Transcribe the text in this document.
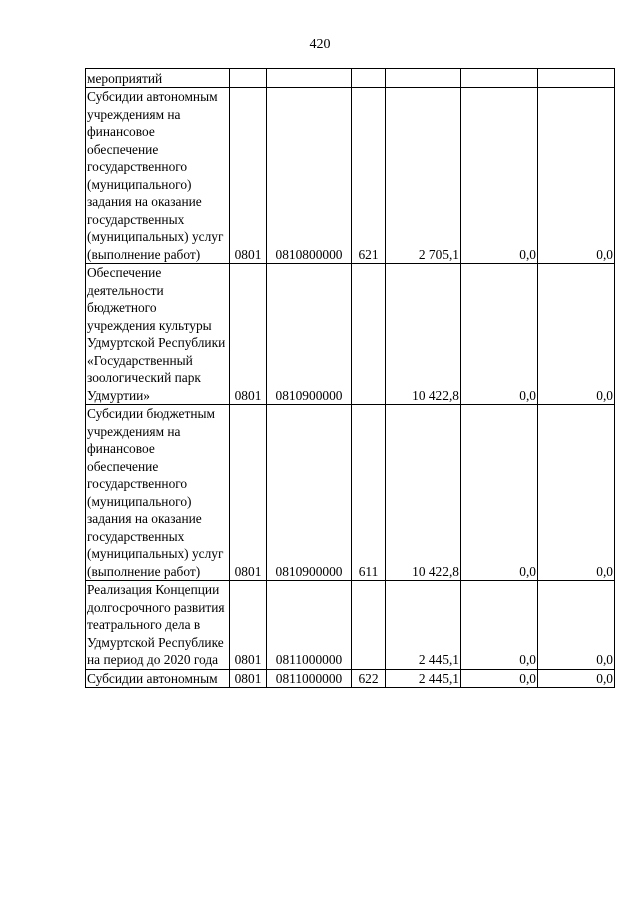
420
мероприятий						
Субсидии автономным учреждениям на финансовое обеспечение государственного (муниципального) задания на оказание государственных (муниципальных) услуг (выполнение работ)	0801	0810800000	621	2 705,1	0,0	0,0
Обеспечение деятельности бюджетного учреждения культуры Удмуртской Республики «Государственный зоологический парк Удмуртии»	0801	0810900000		10 422,8	0,0	0,0
Субсидии бюджетным учреждениям на финансовое обеспечение государственного (муниципального) задания на оказание государственных (муниципальных) услуг (выполнение работ)	0801	0810900000	611	10 422,8	0,0	0,0
Реализация Концепции долгосрочного развития театрального дела в Удмуртской Республике на период до 2020 года	0801	0811000000		2 445,1	0,0	0,0
Субсидии автономным	0801	0811000000	622	2 445,1	0,0	0,0
